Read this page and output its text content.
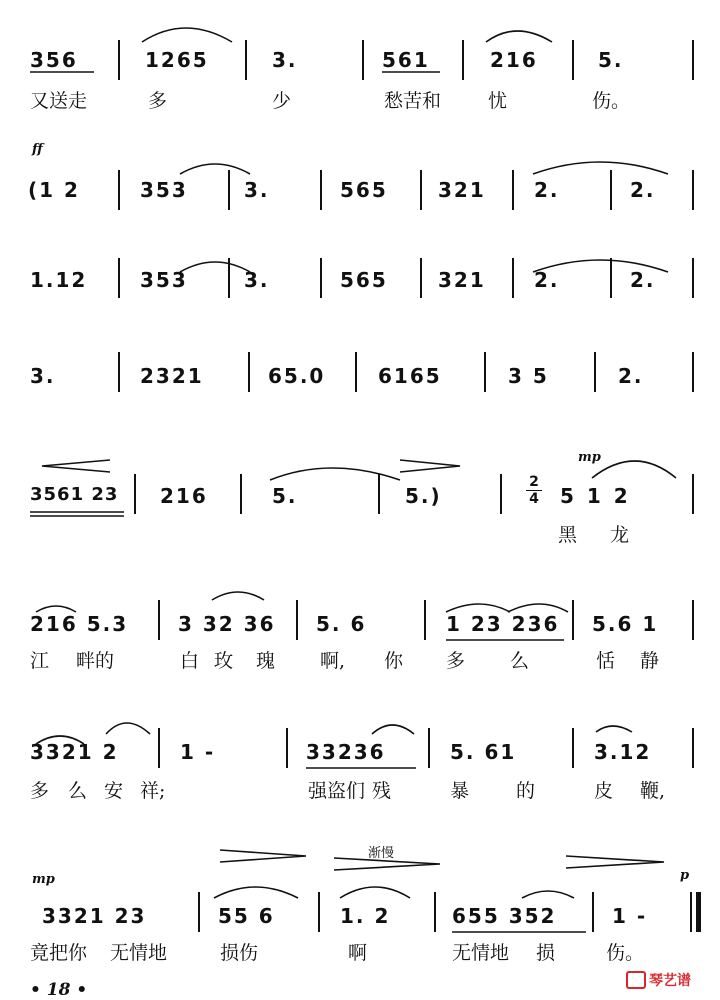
356	1265	3.	561	216	5.
又送走	多	少	愁苦和 忧	伤。
ff
(1 2	353	3.	565	321 2.	2.
1.12	353	3.	565	321 2.	2.
3.	2321	65.0	6165	3 5	2.
mp
3561 23 216	5.	5.)
2
4 5 1 2
黑 龙
216 5.3 3 32 36 5. 6	1 23 236 5.6 1
江 畔的	白 玫 瑰 啊, 你 多 么	恬 静
3321 2	1 -	33236	5. 61	3.12
多 么 安 祥;	强盗们 残	暴 的	皮 鞭,
渐慢
mp	p
3321 23	55 6	1. 2	655 352	1 -
竟把你 无情地	损伤	啊	无情地 损	伤。
• 18 •	琴艺谱
